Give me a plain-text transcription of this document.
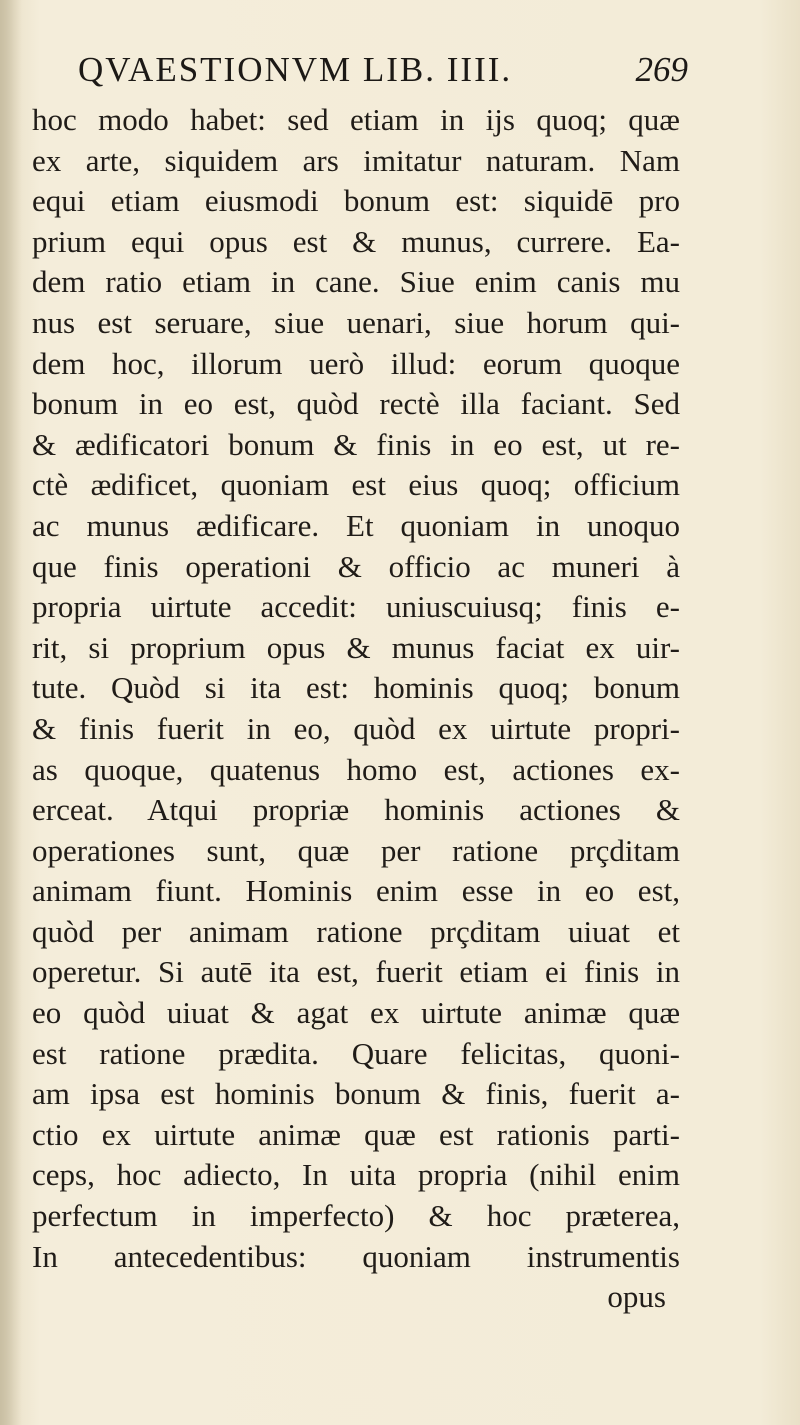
QVAESTIONVM LIB. IIII.	269
hoc modo habet: sed etiam in ijs quoq; quæ
ex arte, siquidem ars imitatur naturam. Nam
equi etiam eiusmodi bonum est: siquidē pro
prium equi opus est & munus, currere. Ea-
dem ratio etiam in cane. Siue enim canis mu
nus est seruare, siue uenari, siue horum qui-
dem hoc, illorum uerò illud: eorum quoque
bonum in eo est, quòd rectè illa faciant. Sed
& ædificatori bonum & finis in eo est, ut re-
ctè ædificet, quoniam est eius quoq; officium
ac munus ædificare. Et quoniam in unoquo
que finis operationi & officio ac muneri à
propria uirtute accedit: uniuscuiusq; finis e-
rit, si proprium opus & munus faciat ex uir-
tute. Quòd si ita est: hominis quoq; bonum
& finis fuerit in eo, quòd ex uirtute propri-
as quoque, quatenus homo est, actiones ex-
erceat. Atqui propriæ hominis actiones &
operationes sunt, quæ per ratione prçditam
animam fiunt. Hominis enim esse in eo est,
quòd per animam ratione prçditam uiuat et
operetur. Si autē ita est, fuerit etiam ei finis in
eo quòd uiuat & agat ex uirtute animæ quæ
est ratione prædita. Quare felicitas, quoni-
am ipsa est hominis bonum & finis, fuerit a-
ctio ex uirtute animæ quæ est rationis parti-
ceps, hoc adiecto, In uita propria (nihil enim
perfectum in imperfecto) & hoc præterea,
In antecedentibus: quoniam instrumentis
opus
